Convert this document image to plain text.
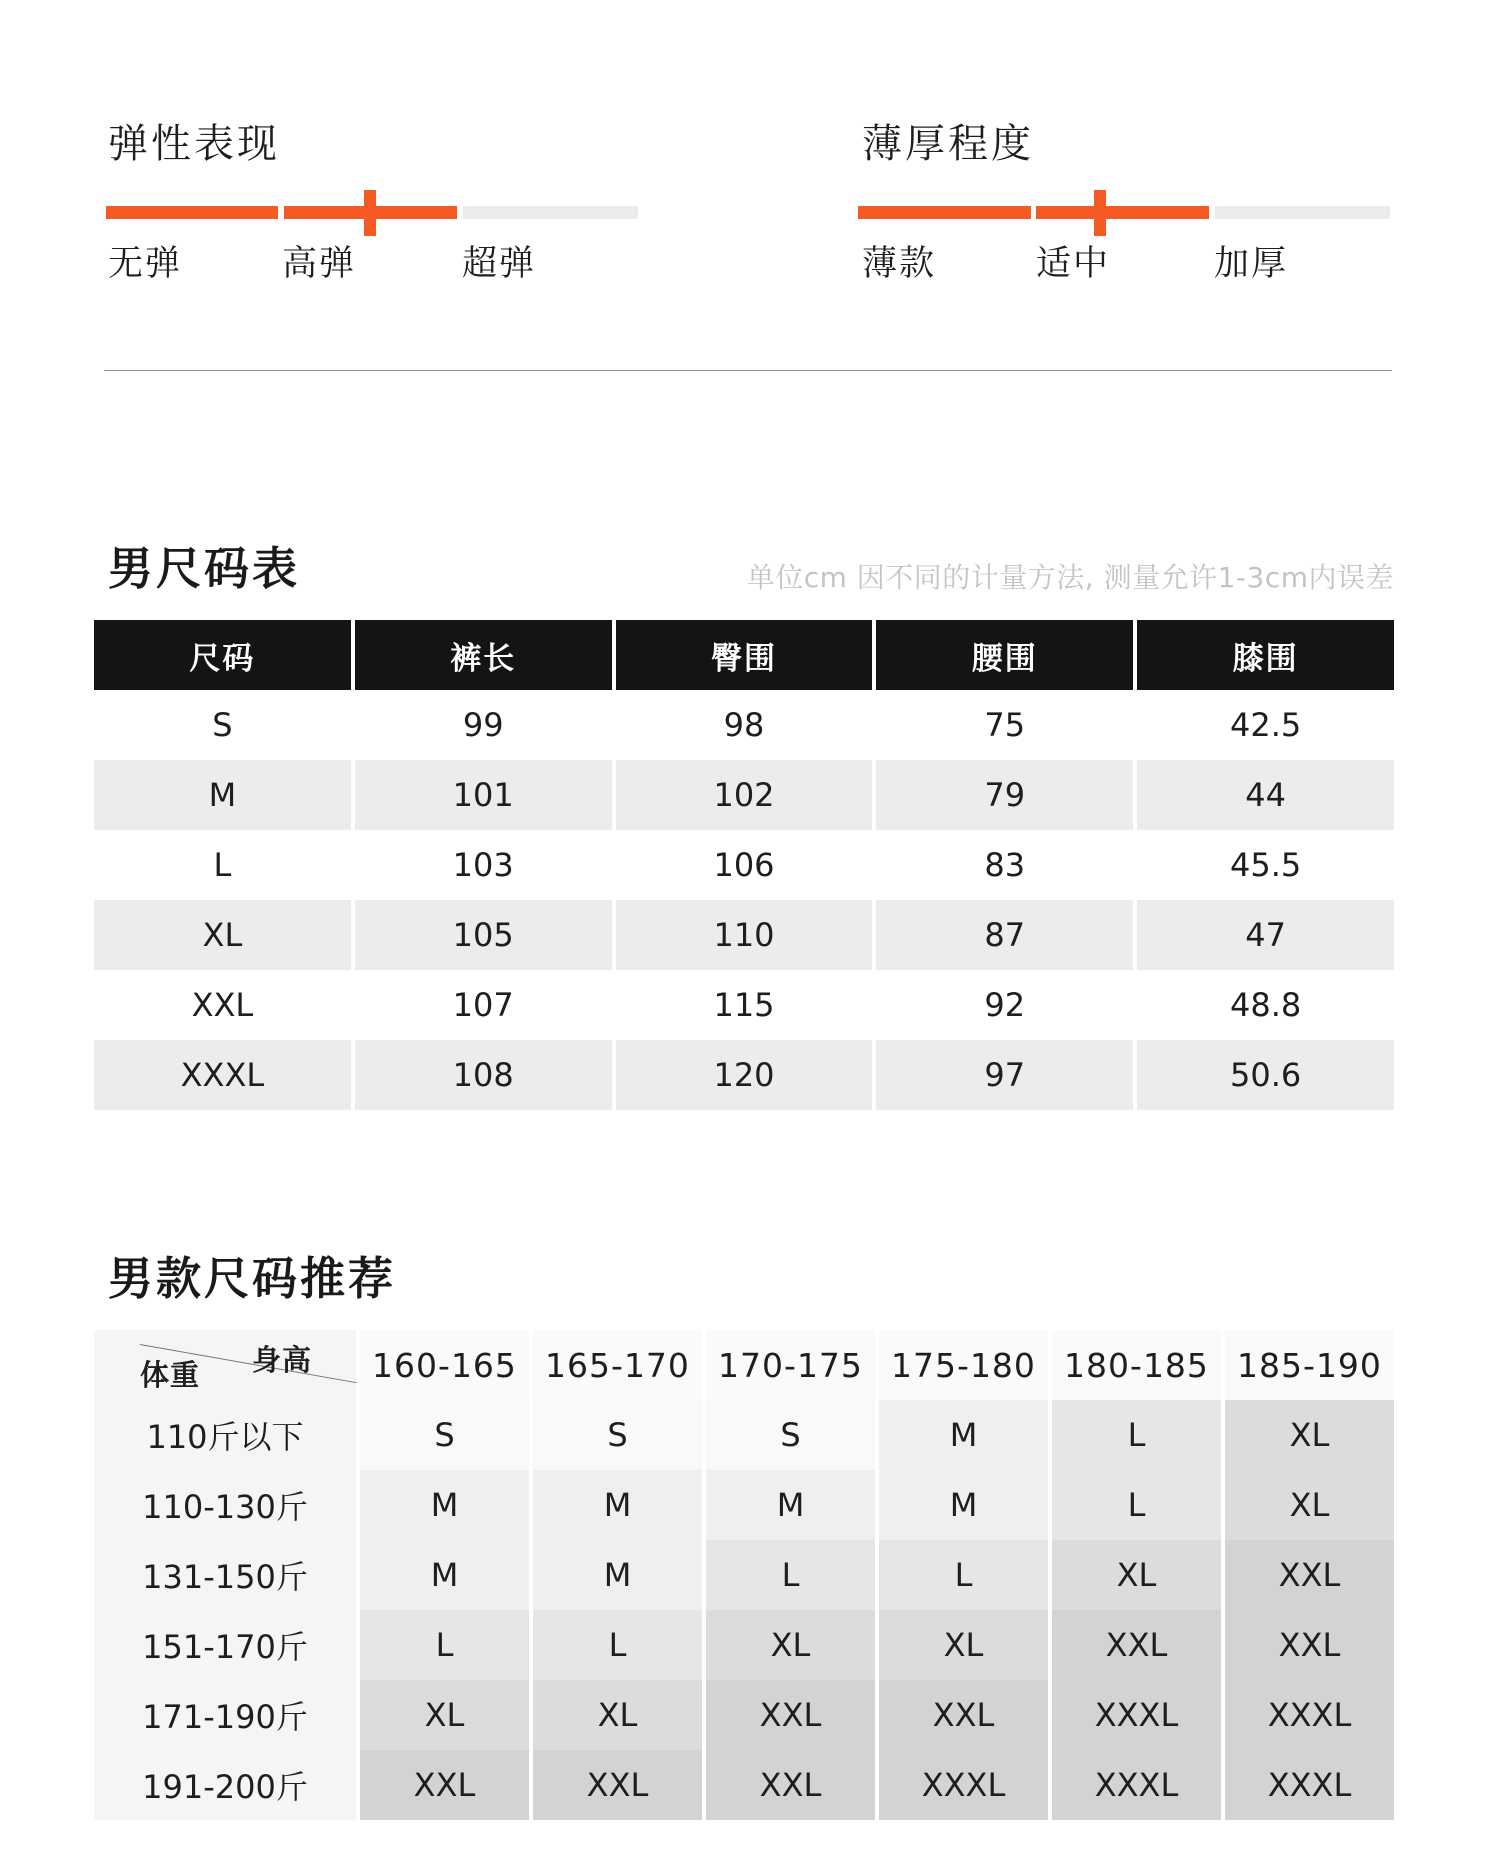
弹性表现
无弹	高弹	超弹
薄厚程度
薄款	适中	加厚
男尺码表	单位cm 因不同的计量方法, 测量允许1-3cm内误差
尺码	裤长	臀围	腰围	膝围
S	99	98	75	42.5
M	101	102	79	44
L	103	106	83	45.5
XL	105	110	87	47
XXL	107	115	92	48.8
XXXL	108	120	97	50.6
男款尺码推荐
身高
体重	160-165	165-170	170-175	175-180	180-185	185-190
110斤以下	S	S	S	M	L	XL
110-130斤	M	M	M	M	L	XL
131-150斤	M	M	L	L	XL	XXL
151-170斤	L	L	XL	XL	XXL	XXL
171-190斤	XL	XL	XXL	XXL	XXXL	XXXL
191-200斤	XXL	XXL	XXL	XXXL	XXXL	XXXL
